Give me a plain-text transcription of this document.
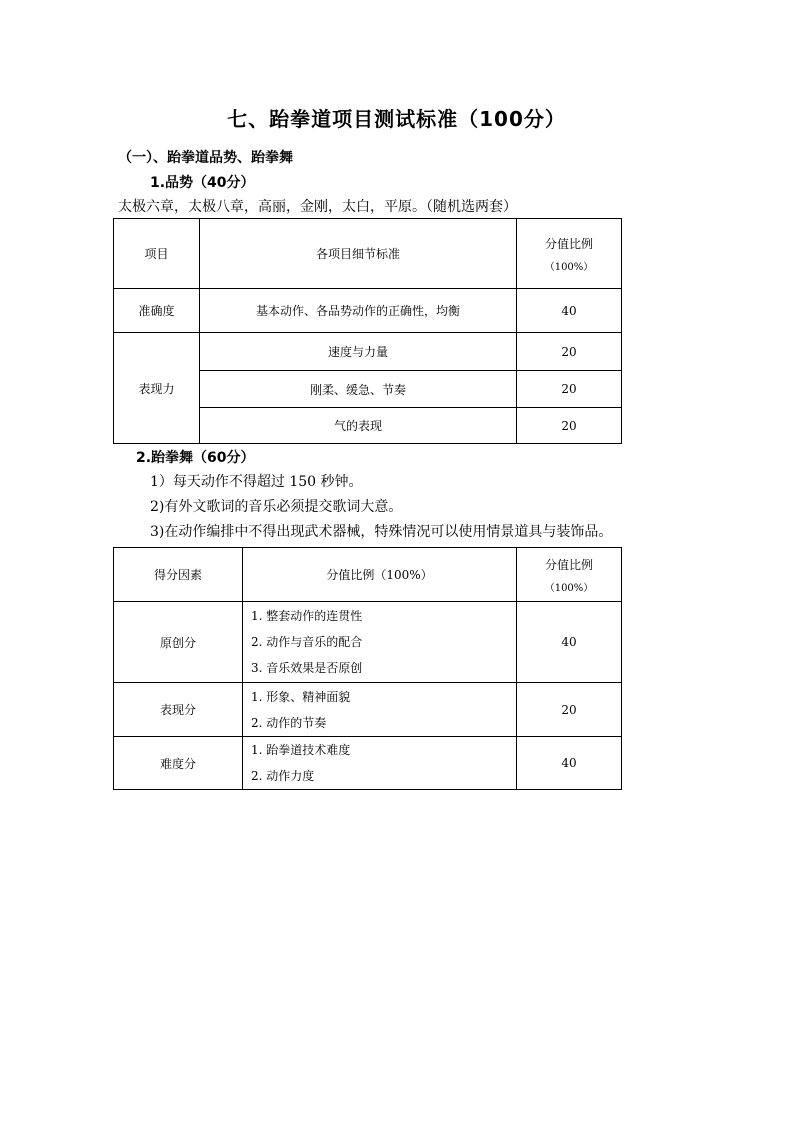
七、跆拳道项目测试标准（100分）
（一）、跆拳道品势、跆拳舞
1.品势（40分）
太极六章，太极八章，高丽，金刚，太白，平原。（随机选两套）
项目	各项目细节标准	分值比例
（100%）

准确度	基本动作、各品势动作的正确性，均衡	40
表现力	速度与力量	20
	刚柔、缓急、节奏	20
	气的表现	20
2.跆拳舞（60分）
1）每天动作不得超过 150 秒钟。
2)有外文歌词的音乐必须提交歌词大意。
3)在动作编排中不得出现武术器械，特殊情况可以使用情景道具与装饰品。
得分因素	分值比例（100%）	分值比例
（100%）

原创分	1. 整套动作的连贯性
2. 动作与音乐的配合
3. 音乐效果是否原创	40
表现分	1. 形象、精神面貌
2. 动作的节奏	20
难度分	1. 跆拳道技术难度
2. 动作力度	40
